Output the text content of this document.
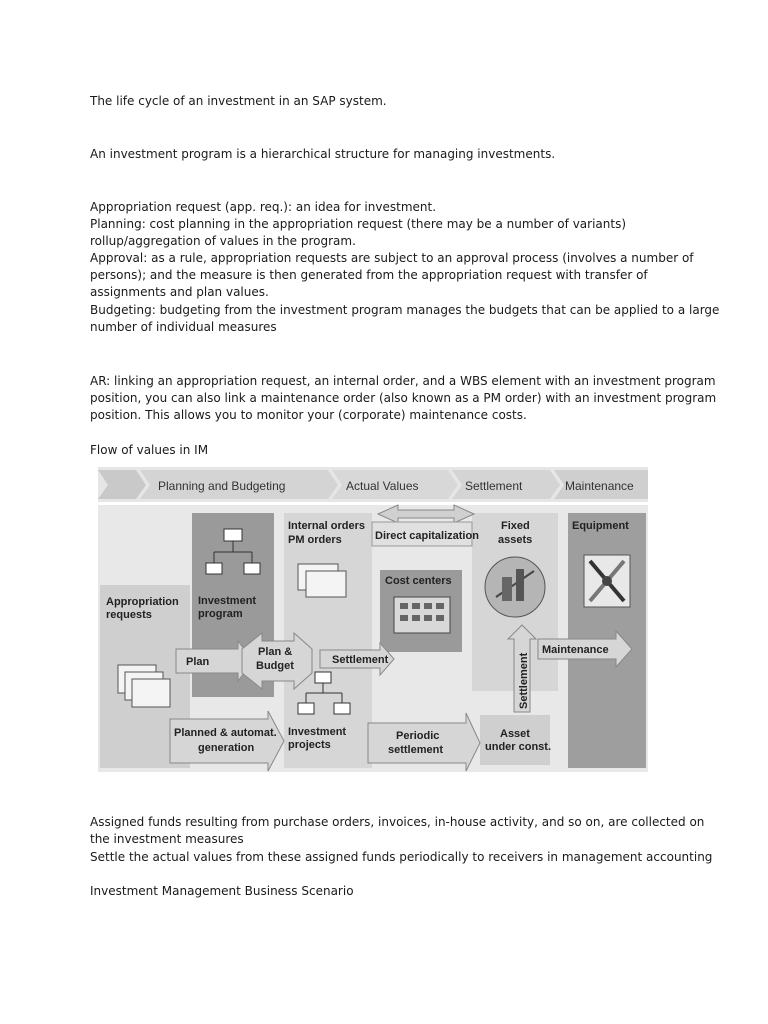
The life cycle of an investment in an SAP system.
An investment program is a hierarchical structure for managing investments.
Appropriation request (app. req.): an idea for investment.
Planning: cost planning in the appropriation request (there may be a number of variants)
rollup/aggregation of values in the program.
Approval: as a rule, appropriation requests are subject to an approval process (involves a number of
persons); and the measure is then generated from the appropriation request with transfer of
assignments and plan values.
Budgeting: budgeting from the investment program manages the budgets that can be applied to a large
number of individual measures
AR: linking an appropriation request, an internal order, and a WBS element with an investment program
position, you can also link a maintenance order (also known as a PM order) with an investment program
position. This allows you to monitor your (corporate) maintenance costs.
Flow of values in IM
Assigned funds resulting from purchase orders, invoices, in-house activity, and so on, are collected on
the investment measures
Settle the actual values from these assigned funds periodically to receivers in management accounting
Investment Management Business Scenario
Planning and Budgeting	Actual Values	Settlement	Maintenance
Appropriation
requests
Investment
program
Internal orders
PM orders
Investment
projects
Cost centers
Fixed
assets
Asset
under const.
Equipment
Direct capitalization
Plan
Plan &
Budget	Settlement
Maintenance
Settlement
Planned & automat.
generation
Periodic
settlement
